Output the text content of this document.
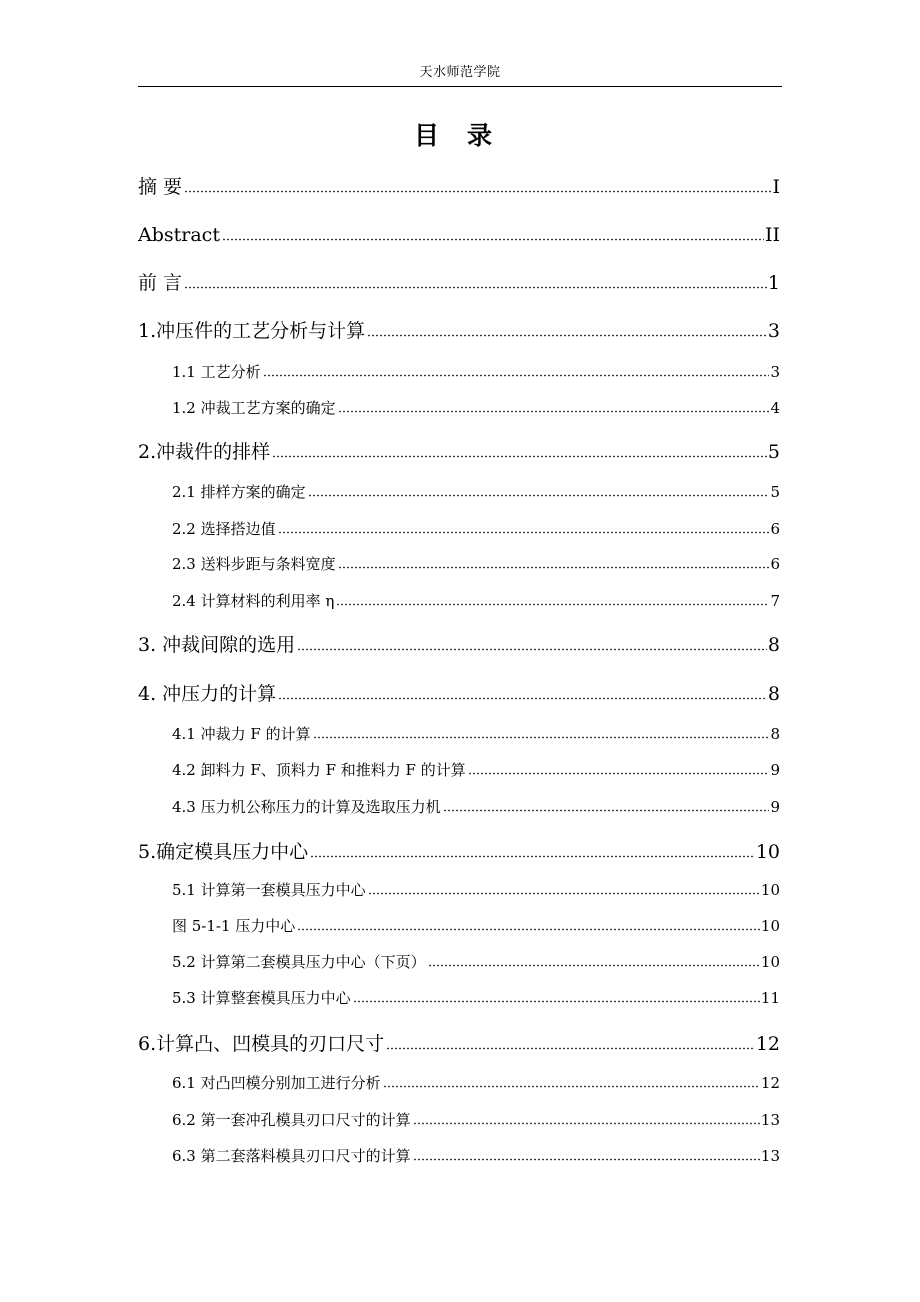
天水师范学院
目录
摘 要	I
Abstract	II
前 言	1
1.冲压件的工艺分析与计算	3
1.1 工艺分析	3
1.2 冲裁工艺方案的确定	4
2.冲裁件的排样	5
2.1 排样方案的确定	5
2.2 选择搭边值	6
2.3 送料步距与条料宽度	6
2.4 计算材料的利用率 η	7
3. 冲裁间隙的选用	8
4. 冲压力的计算	8
4.1 冲裁力 F 的计算	8
4.2 卸料力 F、顶料力 F 和推料力 F 的计算	9
4.3 压力机公称压力的计算及选取压力机	9
5.确定模具压力中心	10
5.1 计算第一套模具压力中心	10
图 5-1-1 压力中心	10
5.2 计算第二套模具压力中心（下页）	10
5.3 计算整套模具压力中心	11
6.计算凸、凹模具的刃口尺寸	12
6.1 对凸凹模分别加工进行分析	12
6.2 第一套冲孔模具刃口尺寸的计算	13
6.3 第二套落料模具刃口尺寸的计算	13
